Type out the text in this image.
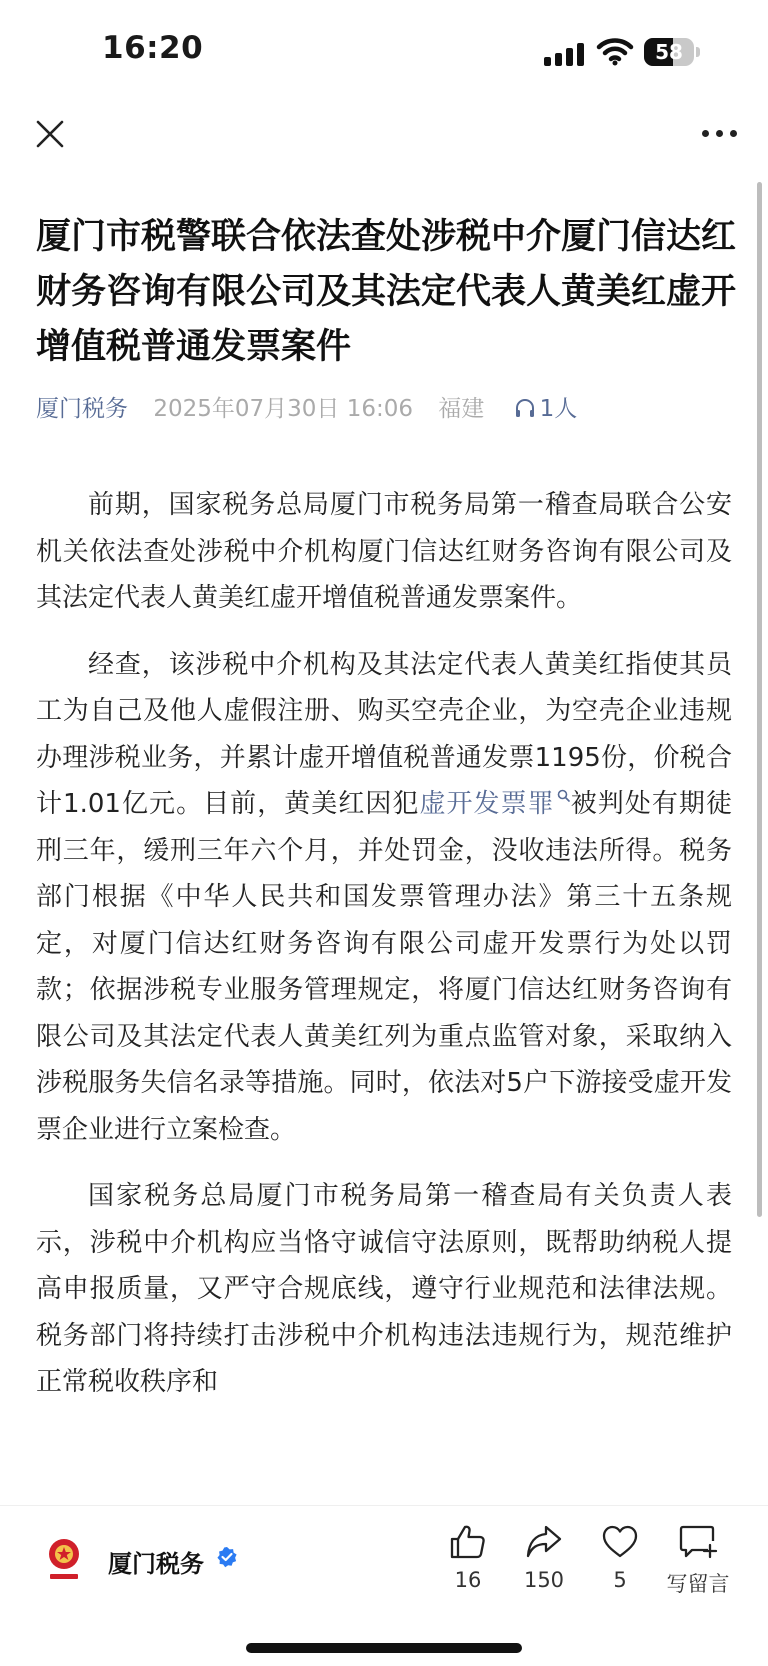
16:20	58
厦门市税警联合依法查处涉税中介厦门信达红财务咨询有限公司及其法定代表人黄美红虚开增值税普通发票案件
厦门税务 2025年07月30日 16:06 福建 1人

前期，国家税务总局厦门市税务局第一稽查局联合公安机关依法查处涉税中介机构厦门信达红财务咨询有限公司及其法定代表人黄美红虚开增值税普通发票案件。

经查，该涉税中介机构及其法定代表人黄美红指使其员工为自己及他人虚假注册、购买空壳企业，为空壳企业违规办理涉税业务，并累计虚开增值税普通发票1195份，价税合计1.01亿元。目前，黄美红因犯虚开发票罪 被判处有期徒刑三年，缓刑三年六个月，并处罚金，没收违法所得。税务部门根据《中华人民共和国发票管理办法》第三十五条规定，对厦门信达红财务咨询有限公司虚开发票行为处以罚款；依据涉税专业服务管理规定，将厦门信达红财务咨询有限公司及其法定代表人黄美红列为重点监管对象，采取纳入涉税服务失信名录等措施。同时，依法对5户下游接受虚开发票企业进行立案检查。

国家税务总局厦门市税务局第一稽查局有关负责人表示，涉税中介机构应当恪守诚信守法原则，既帮助纳税人提高申报质量，又严守合规底线，遵守行业规范和法律法规。税务部门将持续打击涉税中介机构违法违规行为，规范维护正常税收秩序和

厦门税务
16	150	5	写留言
